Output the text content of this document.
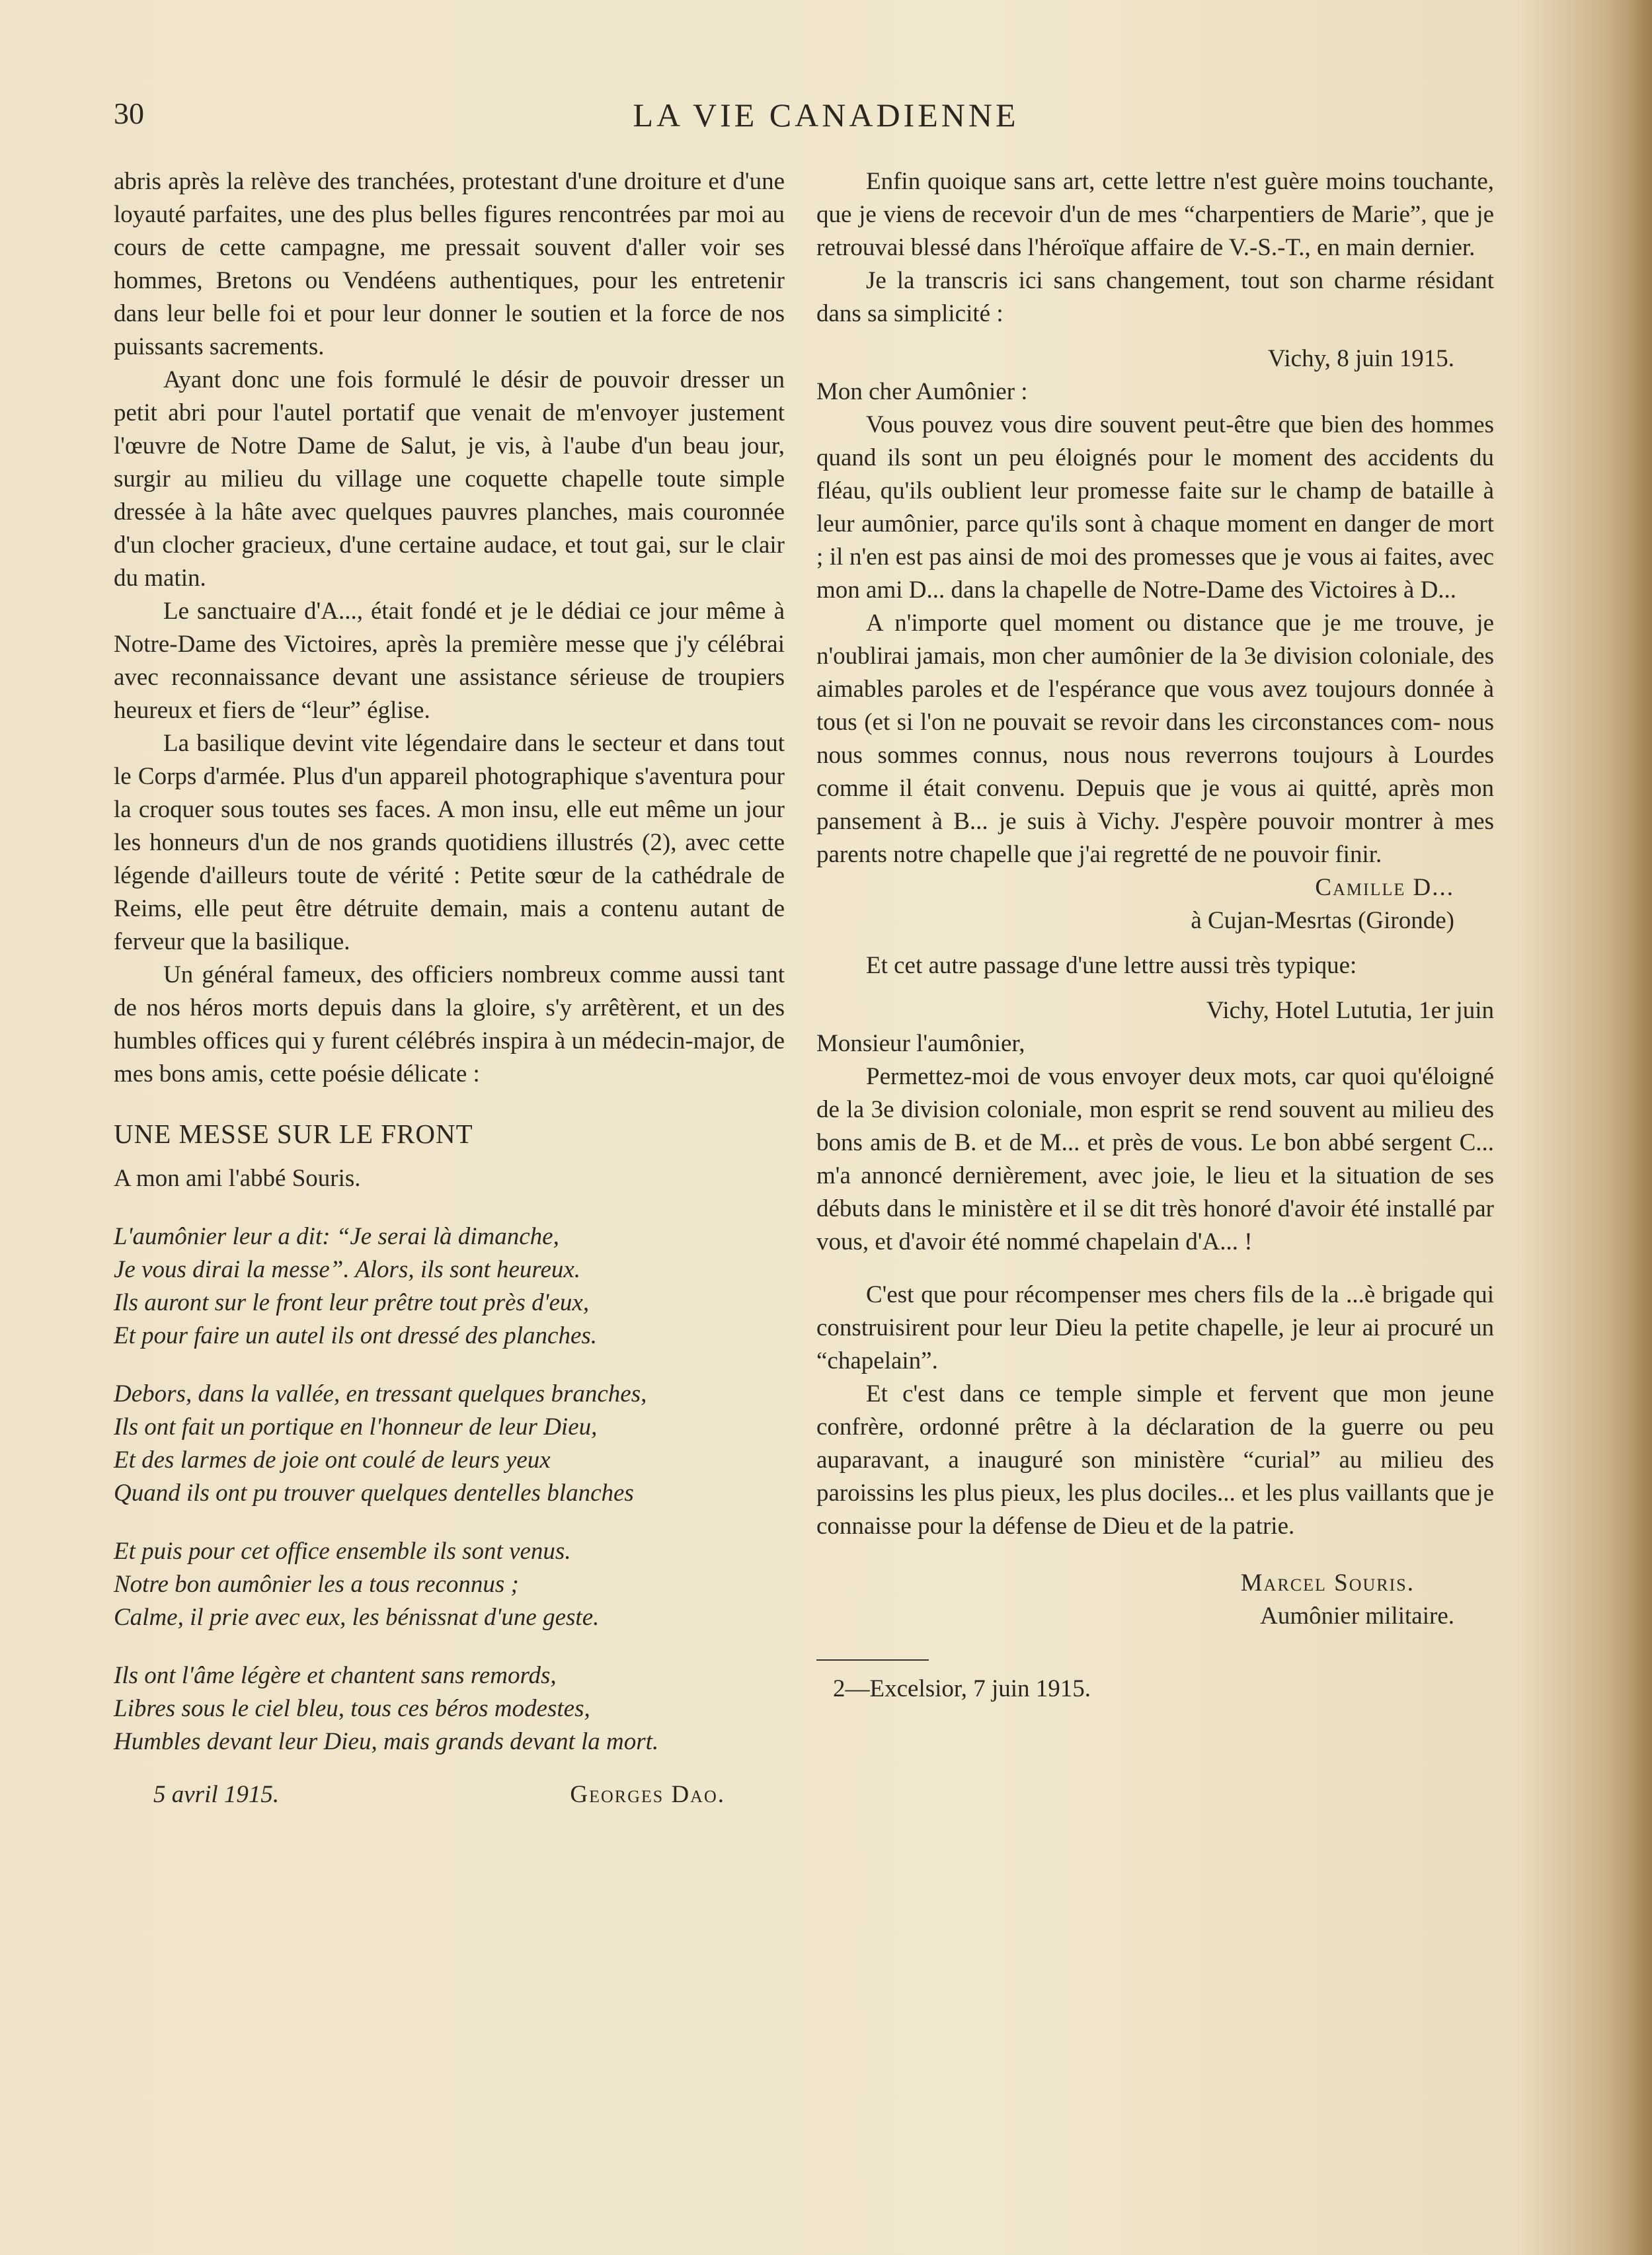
30	LA VIE CANADIENNE

abris après la relève des tranchées, protestant d'une droiture et d'une loyauté parfaites, une des plus belles figures rencontrées par moi au cours de cette campagne, me pressait souvent d'aller voir ses hommes, Bretons ou Vendéens authentiques, pour les entretenir dans leur belle foi et pour leur donner le soutien et la force de nos puissants sacrements.

Ayant donc une fois formulé le désir de pouvoir dresser un petit abri pour l'autel portatif que venait de m'envoyer justement l'œuvre de Notre Dame de Salut, je vis, à l'aube d'un beau jour, surgir au milieu du village une coquette chapelle toute simple dressée à la hâte avec quelques pauvres planches, mais couronnée d'un clocher gracieux, d'une certaine audace, et tout gai, sur le clair du matin.

Le sanctuaire d'A..., était fondé et je le dédiai ce jour même à Notre-Dame des Victoires, après la première messe que j'y célébrai avec reconnaissance devant une assistance sérieuse de troupiers heureux et fiers de “leur” église.

La basilique devint vite légendaire dans le secteur et dans tout le Corps d'armée. Plus d'un appareil photographique s'aventura pour la croquer sous toutes ses faces. A mon insu, elle eut même un jour les honneurs d'un de nos grands quotidiens illustrés (2), avec cette légende d'ailleurs toute de vérité : Petite sœur de la cathédrale de Reims, elle peut être détruite demain, mais a contenu autant de ferveur que la basilique.

Un général fameux, des officiers nombreux comme aussi tant de nos héros morts depuis dans la gloire, s'y arrêtèrent, et un des humbles offices qui y furent célébrés inspira à un médecin-major, de mes bons amis, cette poésie délicate :

UNE MESSE SUR LE FRONT

A mon ami l'abbé Souris.

L'aumônier leur a dit: “Je serai là dimanche,

Je vous dirai la messe”. Alors, ils sont heureux.

Ils auront sur le front leur prêtre tout près d'eux,

Et pour faire un autel ils ont dressé des planches.

Debors, dans la vallée, en tressant quelques branches,

Ils ont fait un portique en l'honneur de leur Dieu,

Et des larmes de joie ont coulé de leurs yeux

Quand ils ont pu trouver quelques dentelles blanches

Et puis pour cet office ensemble ils sont venus.

Notre bon aumônier les a tous reconnus ;

Calme, il prie avec eux, les bénissnat d'une geste.

Ils ont l'âme légère et chantent sans remords,

Libres sous le ciel bleu, tous ces béros modestes,

Humbles devant leur Dieu, mais grands devant la mort.

5 avril 1915.	Georges Dao.

Enfin quoique sans art, cette lettre n'est guère moins touchante, que je viens de recevoir d'un de mes “charpentiers de Marie”, que je retrouvai blessé dans l'héroïque affaire de V.-S.-T., en main dernier.

Je la transcris ici sans changement, tout son charme résidant dans sa simplicité :

Vichy, 8 juin 1915.

Mon cher Aumônier :

Vous pouvez vous dire souvent peut-être que bien des hommes quand ils sont un peu éloignés pour le moment des accidents du fléau, qu'ils oublient leur promesse faite sur le champ de bataille à leur aumônier, parce qu'ils sont à chaque moment en danger de mort ; il n'en est pas ainsi de moi des promesses que je vous ai faites, avec mon ami D... dans la chapelle de Notre-Dame des Victoires à D...

A n'importe quel moment ou distance que je me trouve, je n'oublirai jamais, mon cher aumônier de la 3e division coloniale, des aimables paroles et de l'espérance que vous avez toujours donnée à tous (et si l'on ne pouvait se revoir dans les circonstances com- nous nous sommes connus, nous nous reverrons toujours à Lourdes comme il était convenu. Depuis que je vous ai quitté, après mon pansement à B... je suis à Vichy. J'espère pouvoir montrer à mes parents notre chapelle que j'ai regretté de ne pouvoir finir.

Camille D...

à Cujan-Mesrtas (Gironde)

Et cet autre passage d'une lettre aussi très typique:

Vichy, Hotel Lututia, 1er juin

Monsieur l'aumônier,

Permettez-moi de vous envoyer deux mots, car quoi qu'éloigné de la 3e division coloniale, mon esprit se rend souvent au milieu des bons amis de B. et de M... et près de vous. Le bon abbé sergent C... m'a annoncé dernièrement, avec joie, le lieu et la situation de ses débuts dans le ministère et il se dit très honoré d'avoir été installé par vous, et d'avoir été nommé chapelain d'A... !

C'est que pour récompenser mes chers fils de la ...è brigade qui construisirent pour leur Dieu la petite chapelle, je leur ai procuré un “chapelain”.

Et c'est dans ce temple simple et fervent que mon jeune confrère, ordonné prêtre à la déclaration de la guerre ou peu auparavant, a inauguré son ministère “curial” au milieu des paroissins les plus pieux, les plus dociles... et les plus vaillants que je connaisse pour la défense de Dieu et de la patrie.

Marcel Souris.

Aumônier militaire.

2—Excelsior, 7 juin 1915.
